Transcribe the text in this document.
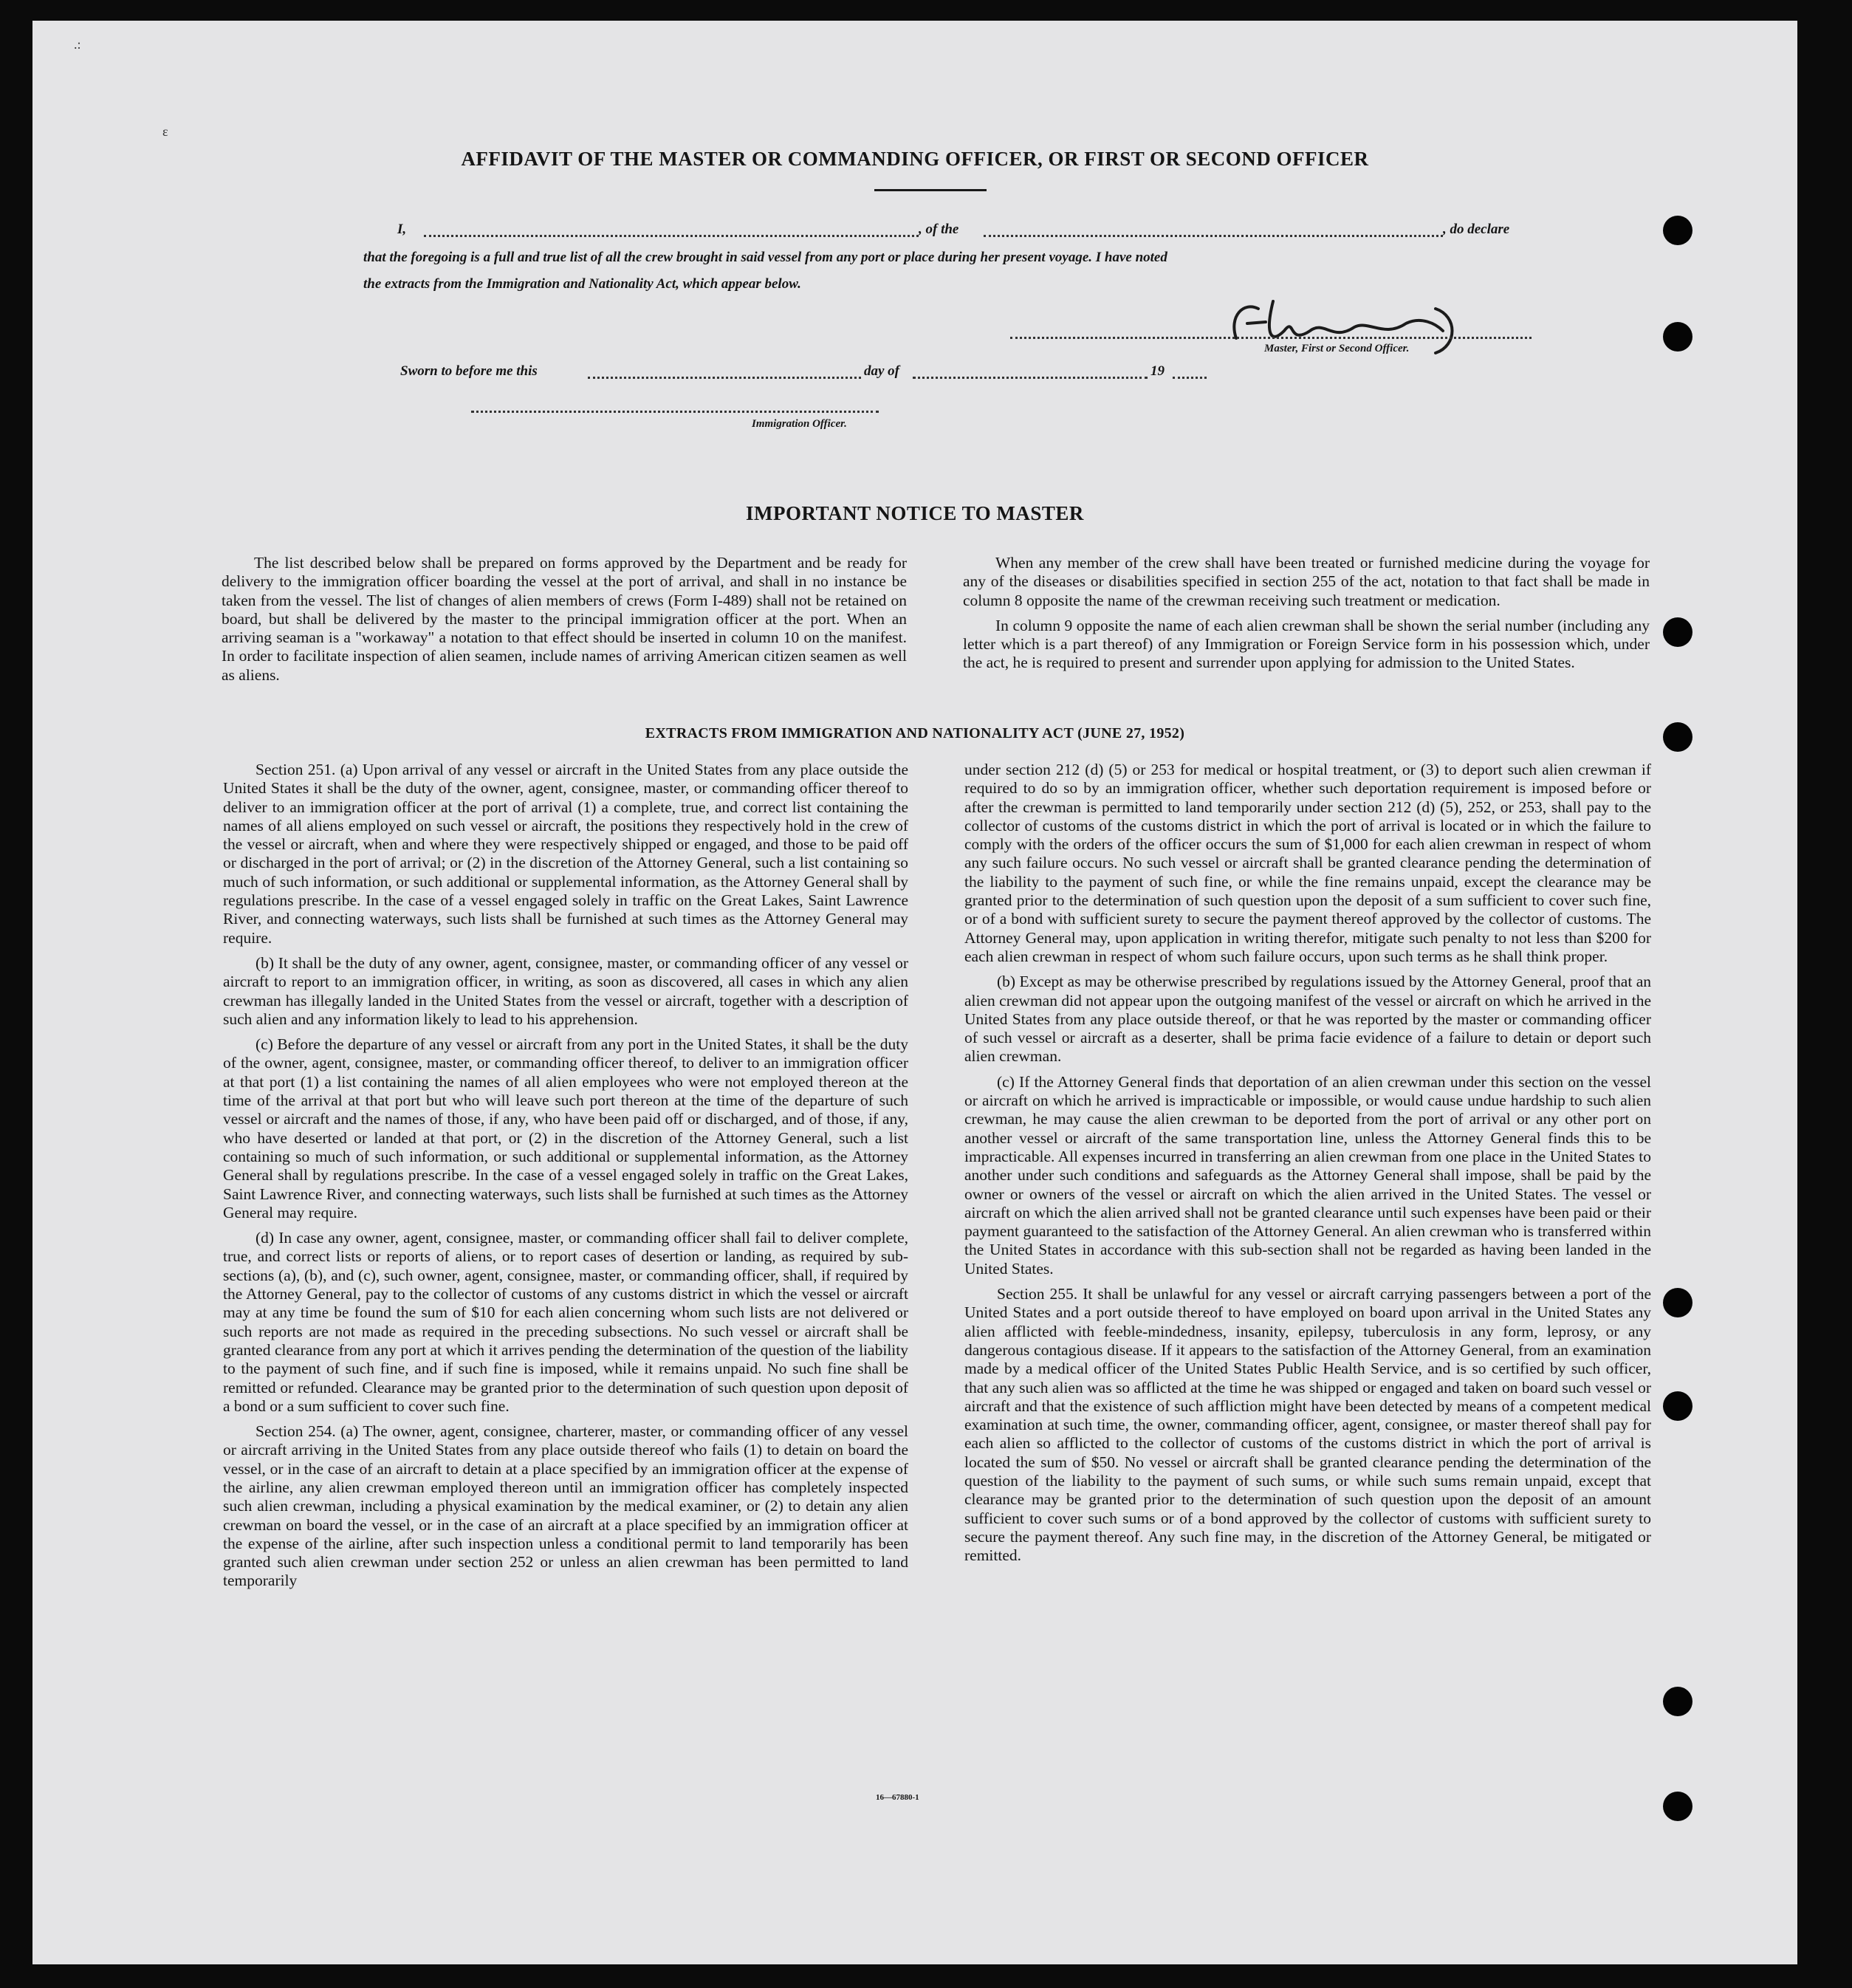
.:
ɛ
AFFIDAVIT OF THE MASTER OR COMMANDING OFFICER, OR FIRST OR SECOND OFFICER
I,	, of the	, do declare
that the foregoing is a full and true list of all the crew brought in said vessel from any port or place during her present voyage. I have noted
the extracts from the Immigration and Nationality Act, which appear below.
Master, First or Second Officer.
Sworn to before me this	day of	19
Immigration Officer.
IMPORTANT NOTICE TO MASTER

The list described below shall be prepared on forms approved by the Department and be ready for delivery to the immigration officer boarding the vessel at the port of arrival, and shall in no instance be taken from the vessel. The list of changes of alien members of crews (Form I-489) shall not be retained on board, but shall be delivered by the master to the principal immigration officer at the port. When an arriving seaman is a "workaway" a notation to that effect should be inserted in column 10 on the manifest. In order to facilitate inspection of alien seamen, include names of arriving American citizen seamen as well as aliens.

When any member of the crew shall have been treated or furnished medicine during the voyage for any of the diseases or disabilities specified in section 255 of the act, notation to that fact shall be made in column 8 opposite the name of the crewman receiving such treatment or medication.

In column 9 opposite the name of each alien crewman shall be shown the serial number (including any letter which is a part thereof) of any Immigration or Foreign Service form in his possession which, under the act, he is required to present and surrender upon applying for admission to the United States.

EXTRACTS FROM IMMIGRATION AND NATIONALITY ACT (JUNE 27, 1952)

Section 251. (a) Upon arrival of any vessel or aircraft in the United States from any place outside the United States it shall be the duty of the owner, agent, consignee, master, or commanding officer thereof to deliver to an immigration officer at the port of arrival (1) a complete, true, and correct list containing the names of all aliens employed on such vessel or aircraft, the positions they respectively hold in the crew of the vessel or aircraft, when and where they were respectively shipped or engaged, and those to be paid off or discharged in the port of arrival; or (2) in the discretion of the Attorney General, such a list containing so much of such information, or such additional or supplemental information, as the Attorney General shall by regulations prescribe. In the case of a vessel engaged solely in traffic on the Great Lakes, Saint Lawrence River, and connecting waterways, such lists shall be furnished at such times as the Attorney General may require.

(b) It shall be the duty of any owner, agent, consignee, master, or commanding officer of any vessel or aircraft to report to an immigration officer, in writing, as soon as discovered, all cases in which any alien crewman has illegally landed in the United States from the vessel or aircraft, together with a description of such alien and any information likely to lead to his apprehension.

(c) Before the departure of any vessel or aircraft from any port in the United States, it shall be the duty of the owner, agent, consignee, master, or commanding officer thereof, to deliver to an immigration officer at that port (1) a list containing the names of all alien employees who were not employed thereon at the time of the arrival at that port but who will leave such port thereon at the time of the departure of such vessel or aircraft and the names of those, if any, who have been paid off or discharged, and of those, if any, who have deserted or landed at that port, or (2) in the discretion of the Attorney General, such a list containing so much of such information, or such additional or supplemental information, as the Attorney General shall by regulations prescribe. In the case of a vessel engaged solely in traffic on the Great Lakes, Saint Lawrence River, and connecting waterways, such lists shall be furnished at such times as the Attorney General may require.

(d) In case any owner, agent, consignee, master, or commanding officer shall fail to deliver complete, true, and correct lists or reports of aliens, or to report cases of desertion or landing, as required by sub-sections (a), (b), and (c), such owner, agent, consignee, master, or commanding officer, shall, if required by the Attorney General, pay to the collector of customs of any customs district in which the vessel or aircraft may at any time be found the sum of $10 for each alien concerning whom such lists are not delivered or such reports are not made as required in the preceding subsections. No such vessel or aircraft shall be granted clearance from any port at which it arrives pending the determination of the question of the liability to the payment of such fine, and if such fine is imposed, while it remains unpaid. No such fine shall be remitted or refunded. Clearance may be granted prior to the determination of such question upon deposit of a bond or a sum sufficient to cover such fine.

Section 254. (a) The owner, agent, consignee, charterer, master, or commanding officer of any vessel or aircraft arriving in the United States from any place outside thereof who fails (1) to detain on board the vessel, or in the case of an aircraft to detain at a place specified by an immigration officer at the expense of the airline, any alien crewman employed thereon until an immigration officer has completely inspected such alien crewman, including a physical examination by the medical examiner, or (2) to detain any alien crewman on board the vessel, or in the case of an aircraft at a place specified by an immigration officer at the expense of the airline, after such inspection unless a conditional permit to land temporarily has been granted such alien crewman under section 252 or unless an alien crewman has been permitted to land temporarily

under section 212 (d) (5) or 253 for medical or hospital treatment, or (3) to deport such alien crewman if required to do so by an immigration officer, whether such deportation requirement is imposed before or after the crewman is permitted to land temporarily under section 212 (d) (5), 252, or 253, shall pay to the collector of customs of the customs district in which the port of arrival is located or in which the failure to comply with the orders of the officer occurs the sum of $1,000 for each alien crewman in respect of whom any such failure occurs. No such vessel or aircraft shall be granted clearance pending the determination of the liability to the payment of such fine, or while the fine remains unpaid, except the clearance may be granted prior to the determination of such question upon the deposit of a sum sufficient to cover such fine, or of a bond with sufficient surety to secure the payment thereof approved by the collector of customs. The Attorney General may, upon application in writing therefor, mitigate such penalty to not less than $200 for each alien crewman in respect of whom such failure occurs, upon such terms as he shall think proper.

(b) Except as may be otherwise prescribed by regulations issued by the Attorney General, proof that an alien crewman did not appear upon the outgoing manifest of the vessel or aircraft on which he arrived in the United States from any place outside thereof, or that he was reported by the master or commanding officer of such vessel or aircraft as a deserter, shall be prima facie evidence of a failure to detain or deport such alien crewman.

(c) If the Attorney General finds that deportation of an alien crewman under this section on the vessel or aircraft on which he arrived is impracticable or impossible, or would cause undue hardship to such alien crewman, he may cause the alien crewman to be deported from the port of arrival or any other port on another vessel or aircraft of the same transportation line, unless the Attorney General finds this to be impracticable. All expenses incurred in transferring an alien crewman from one place in the United States to another under such conditions and safeguards as the Attorney General shall impose, shall be paid by the owner or owners of the vessel or aircraft on which the alien arrived in the United States. The vessel or aircraft on which the alien arrived shall not be granted clearance until such expenses have been paid or their payment guaranteed to the satisfaction of the Attorney General. An alien crewman who is transferred within the United States in accordance with this sub-section shall not be regarded as having been landed in the United States.

Section 255. It shall be unlawful for any vessel or aircraft carrying passengers between a port of the United States and a port outside thereof to have employed on board upon arrival in the United States any alien afflicted with feeble-mindedness, insanity, epilepsy, tuberculosis in any form, leprosy, or any dangerous contagious disease. If it appears to the satisfaction of the Attorney General, from an examination made by a medical officer of the United States Public Health Service, and is so certified by such officer, that any such alien was so afflicted at the time he was shipped or engaged and taken on board such vessel or aircraft and that the existence of such affliction might have been detected by means of a competent medical examination at such time, the owner, commanding officer, agent, consignee, or master thereof shall pay for each alien so afflicted to the collector of customs of the customs district in which the port of arrival is located the sum of $50. No vessel or aircraft shall be granted clearance pending the determination of the question of the liability to the payment of such sums, or while such sums remain unpaid, except that clearance may be granted prior to the determination of such question upon the deposit of an amount sufficient to cover such sums or of a bond approved by the collector of customs with sufficient surety to secure the payment thereof. Any such fine may, in the discretion of the Attorney General, be mitigated or remitted.

16—67880-1
